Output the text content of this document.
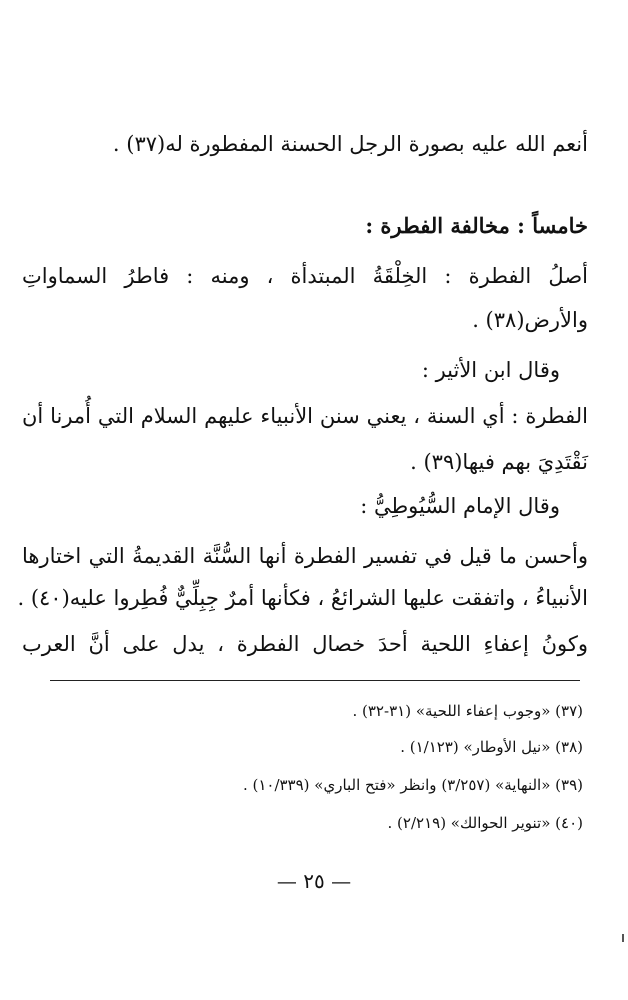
أنعم الله عليه بصورة الرجل الحسنة المفطورة له(٣٧) .
خامساً : مخالفة الفطرة :
أصلُ الفطرة : الخِلْقَةُ المبتدأة ، ومنه : فاطرُ السماواتِ
والأرض(٣٨) .
وقال ابن الأثير :
الفطرة : أي السنة ، يعني سنن الأنبياء عليهم السلام التي أُمرنا أن
نَقْتَدِيَ بهم فيها(٣٩) .
وقال الإمام السُّيُوطِيُّ :
وأحسن ما قيل في تفسير الفطرة أنها السُّنَّة القديمةُ التي اختارها
الأنبياءُ ، واتفقت عليها الشرائعُ ، فكأنها أمرٌ جِبِلِّيٌّ فُطِروا عليه(٤٠) .
وكونُ إعفاءِ اللحية أحدَ خصال الفطرة ، يدل على أنَّ العرب
(٣٧) «وجوب إعفاء اللحية» (٣١-٣٢) .
(٣٨) «نيل الأوطار» (١/١٢٣) .
(٣٩) «النهاية» (٣/٢٥٧) وانظر «فتح الباري» (١٠/٣٣٩) .
(٤٠) «تنوير الحوالك» (٢/٢١٩) .
— ٢٥ —
